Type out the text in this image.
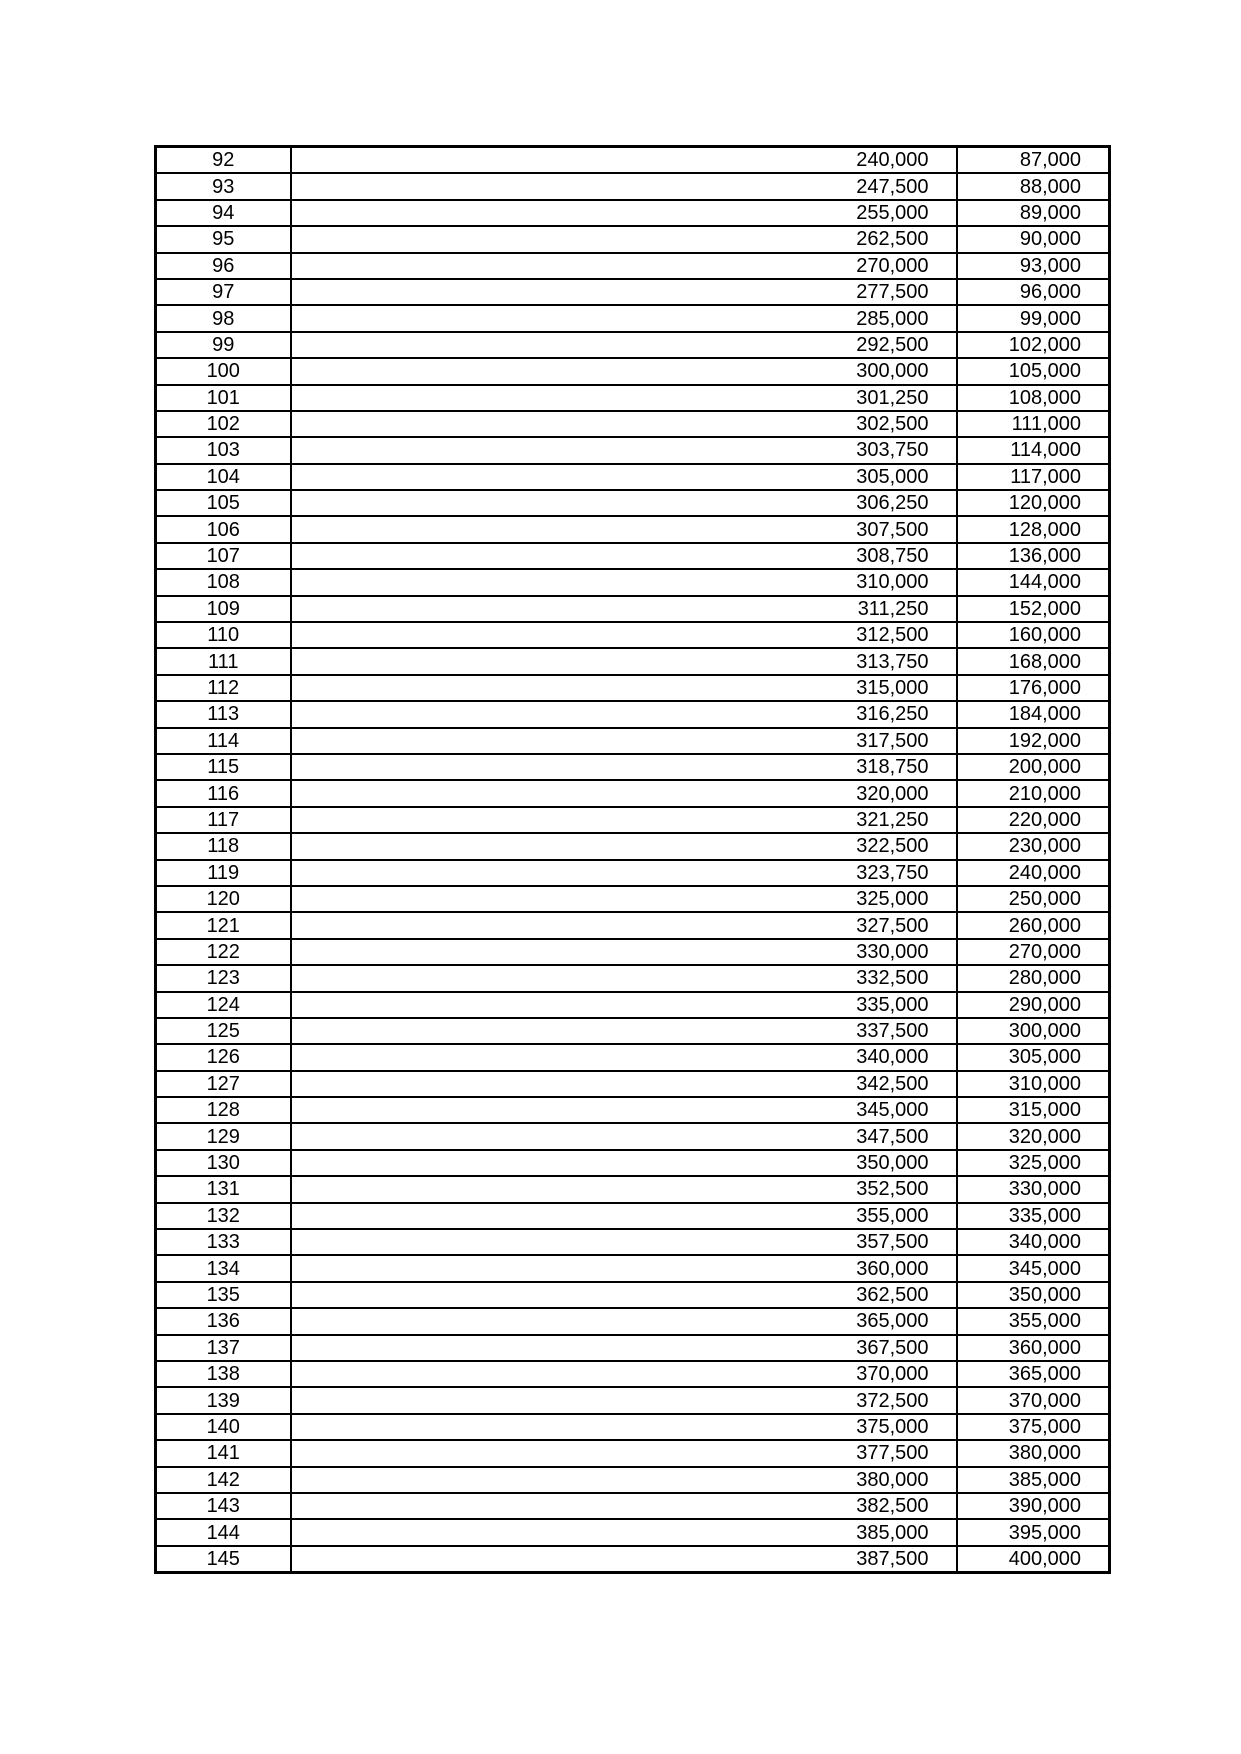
92	240,000	87,000
93	247,500	88,000
94	255,000	89,000
95	262,500	90,000
96	270,000	93,000
97	277,500	96,000
98	285,000	99,000
99	292,500	102,000
100	300,000	105,000
101	301,250	108,000
102	302,500	111,000
103	303,750	114,000
104	305,000	117,000
105	306,250	120,000
106	307,500	128,000
107	308,750	136,000
108	310,000	144,000
109	311,250	152,000
110	312,500	160,000
111	313,750	168,000
112	315,000	176,000
113	316,250	184,000
114	317,500	192,000
115	318,750	200,000
116	320,000	210,000
117	321,250	220,000
118	322,500	230,000
119	323,750	240,000
120	325,000	250,000
121	327,500	260,000
122	330,000	270,000
123	332,500	280,000
124	335,000	290,000
125	337,500	300,000
126	340,000	305,000
127	342,500	310,000
128	345,000	315,000
129	347,500	320,000
130	350,000	325,000
131	352,500	330,000
132	355,000	335,000
133	357,500	340,000
134	360,000	345,000
135	362,500	350,000
136	365,000	355,000
137	367,500	360,000
138	370,000	365,000
139	372,500	370,000
140	375,000	375,000
141	377,500	380,000
142	380,000	385,000
143	382,500	390,000
144	385,000	395,000
145	387,500	400,000
